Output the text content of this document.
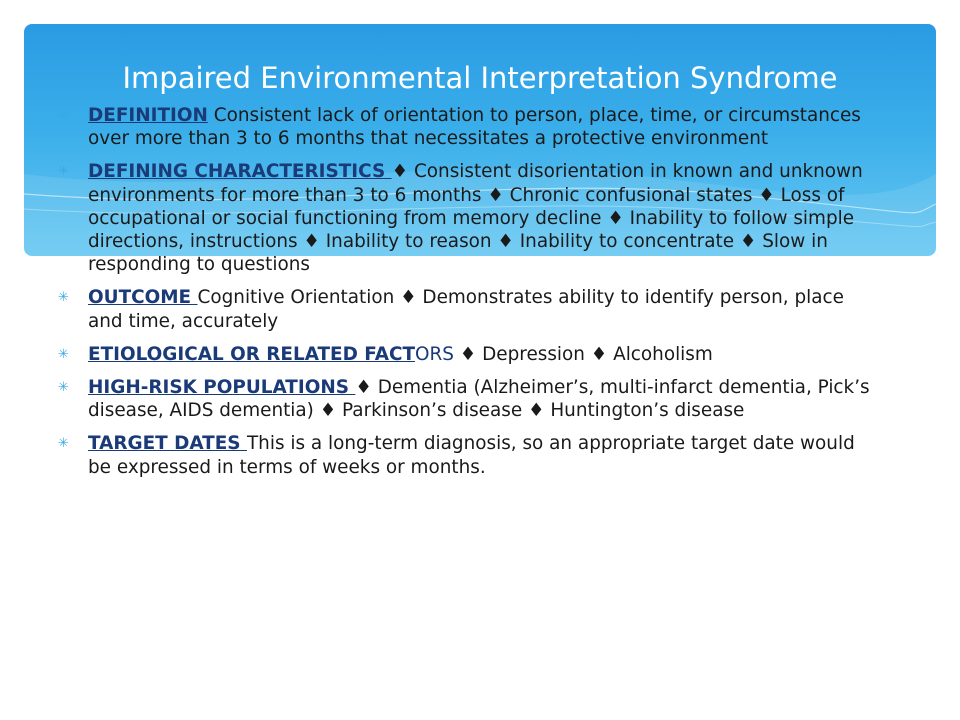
Impaired Environmental Interpretation Syndrome
✳ DEFINITION Consistent lack of orientation to person, place, time, or circumstances over more than 3 to 6 months that necessitates a protective environment
✳ DEFINING CHARACTERISTICS ♦ Consistent disorientation in known and unknown environments for more than 3 to 6 months ♦ Chronic confusional states ♦ Loss of occupational or social functioning from memory decline ♦ Inability to follow simple directions, instructions ♦ Inability to reason ♦ Inability to concentrate ♦ Slow in responding to questions
✳ OUTCOME Cognitive Orientation ♦ Demonstrates ability to identify person, place and time, accurately
✳ ETIOLOGICAL OR RELATED FACTORS ♦ Depression ♦ Alcoholism
✳ HIGH-RISK POPULATIONS ♦ Dementia (Alzheimer’s, multi-infarct dementia, Pick’s disease, AIDS dementia) ♦ Parkinson’s disease ♦ Huntington’s disease
✳ TARGET DATES This is a long-term diagnosis, so an appropriate target date would be expressed in terms of weeks or months.
